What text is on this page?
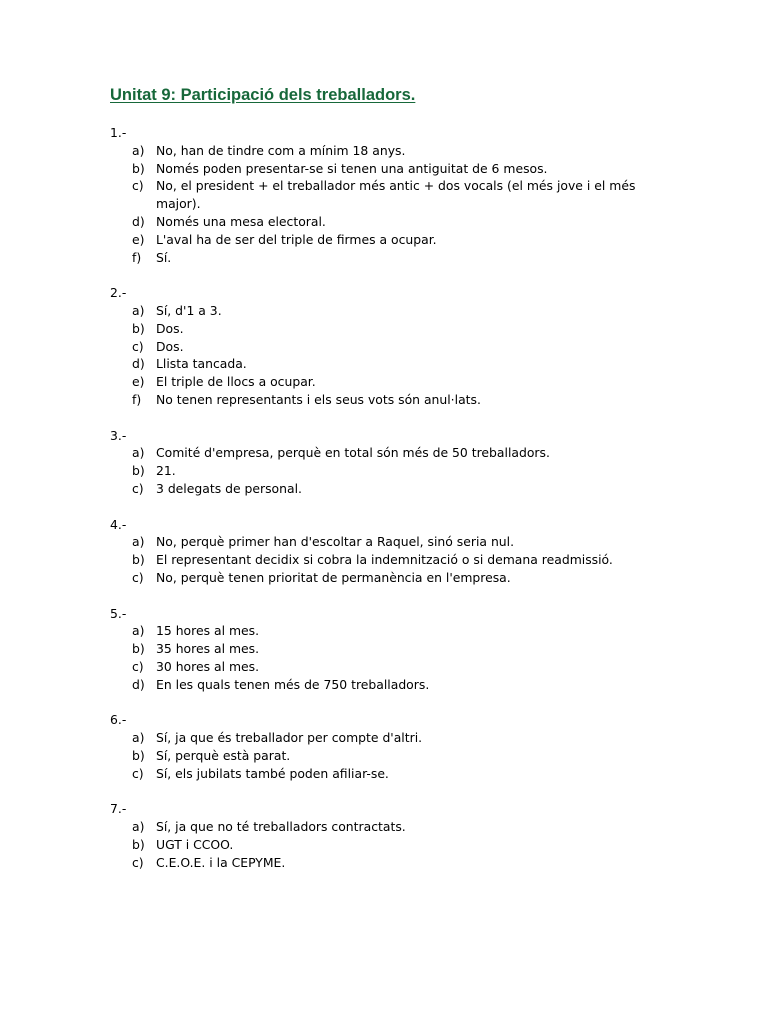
Unitat 9: Participació dels treballadors.
1.-
a) No, han de tindre com a mínim 18 anys.
b) Només poden presentar-se si tenen una antiguitat de 6 mesos.
c) No, el president + el treballador més antic + dos vocals (el més jove i el més major).
d) Només una mesa electoral.
e) L'aval ha de ser del triple de firmes a ocupar.
f)	Sí.
2.-
a) Sí, d'1 a 3.
b) Dos.
c) Dos.
d) Llista tancada.
e) El triple de llocs a ocupar.
f)	No tenen representants i els seus vots són anul·lats.
3.-
a) Comité d'empresa, perquè en total són més de 50 treballadors.
b) 21.
c) 3 delegats de personal.
4.-
a) No, perquè primer han d'escoltar a Raquel, sinó seria nul.
b) El representant decidix si cobra la indemnització o si demana readmissió.
c) No, perquè tenen prioritat de permanència en l'empresa.
5.-
a) 15 hores al mes.
b) 35 hores al mes.
c) 30 hores al mes.
d) En les quals tenen més de 750 treballadors.
6.-
a) Sí, ja que és treballador per compte d'altri.
b) Sí, perquè està parat.
c) Sí, els jubilats també poden afiliar-se.
7.-
a) Sí, ja que no té treballadors contractats.
b) UGT i CCOO.
c) C.E.O.E. i la CEPYME.
